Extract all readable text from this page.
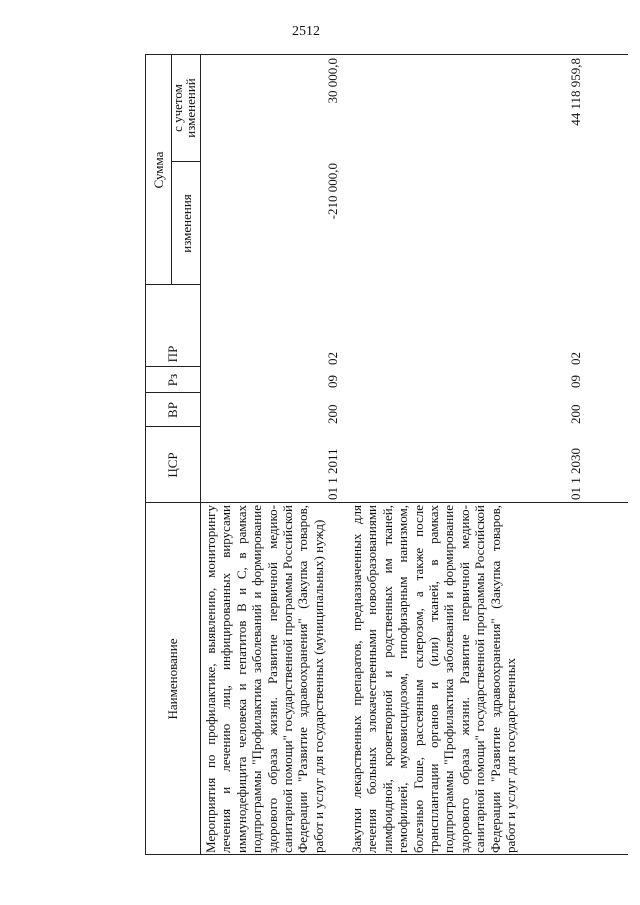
2512
Наименование
ЦСР
ВР
Рз
ПР
Сумма
изменения
с учетом изменений
Мероприятия по профилактике, выявлению, мониторингу лечения и лечению лиц, инфицированных вирусами иммунодефицита человека и гепатитов В и С, в рамках подпрограммы "Профилактика заболеваний и формирование здорового образа жизни. Развитие первичной медико-санитарной помощи" государственной программы Российской Федерации "Развитие здравоохранения" (Закупка товаров, работ и услуг для государственных (муниципальных) нужд)
01 1 2011
200
09
02
-210 000,0
30 000,0
Закупки лекарственных препаратов, предназначенных для лечения больных злокачественными новообразованиями лимфоидной, кроветворной и родственных им тканей, гемофилией, муковисцидозом, гипофизарным нанизмом, болезнью Гоше, рассеянным склерозом, а также после трансплантации органов и (или) тканей, в рамках подпрограммы "Профилактика заболеваний и формирование здорового образа жизни. Развитие первичной медико-санитарной помощи" государственной программы Российской Федерации "Развитие здравоохранения" (Закупка товаров, работ и услуг для государственных
01 1 2030
200
09
02
44 118 959,8
